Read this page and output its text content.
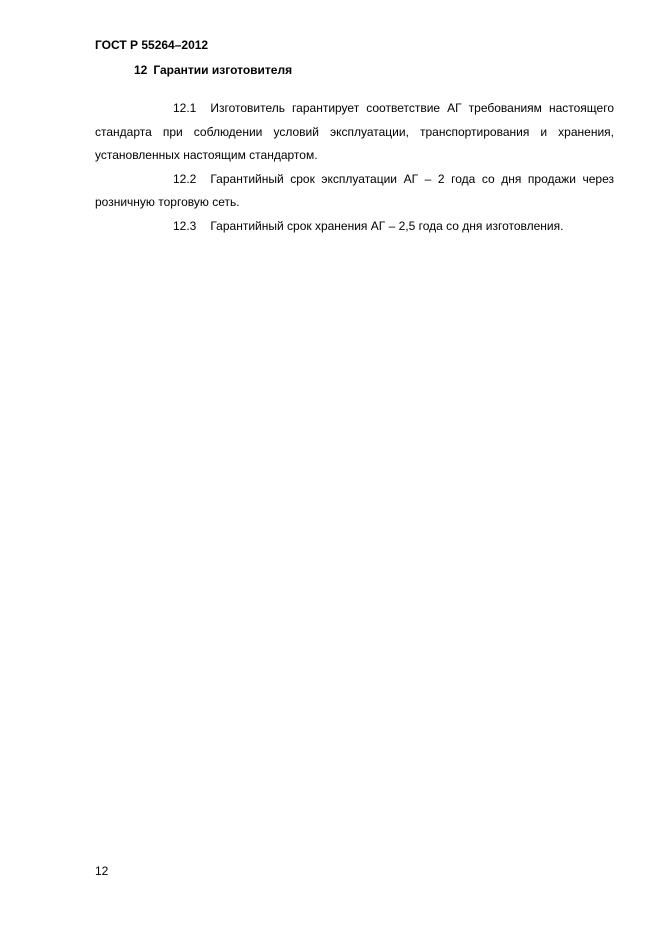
ГОСТ Р 55264–2012
12 Гарантии изготовителя

12.1 Изготовитель гарантирует соответствие АГ требованиям настоящего стандарта при соблюдении условий эксплуатации, транспортирования и хранения, установленных настоящим стандартом.

12.2 Гарантийный срок эксплуатации АГ – 2 года со дня продажи через розничную торговую сеть.

12.3 Гарантийный срок хранения АГ – 2,5 года со дня изготовления.

12
